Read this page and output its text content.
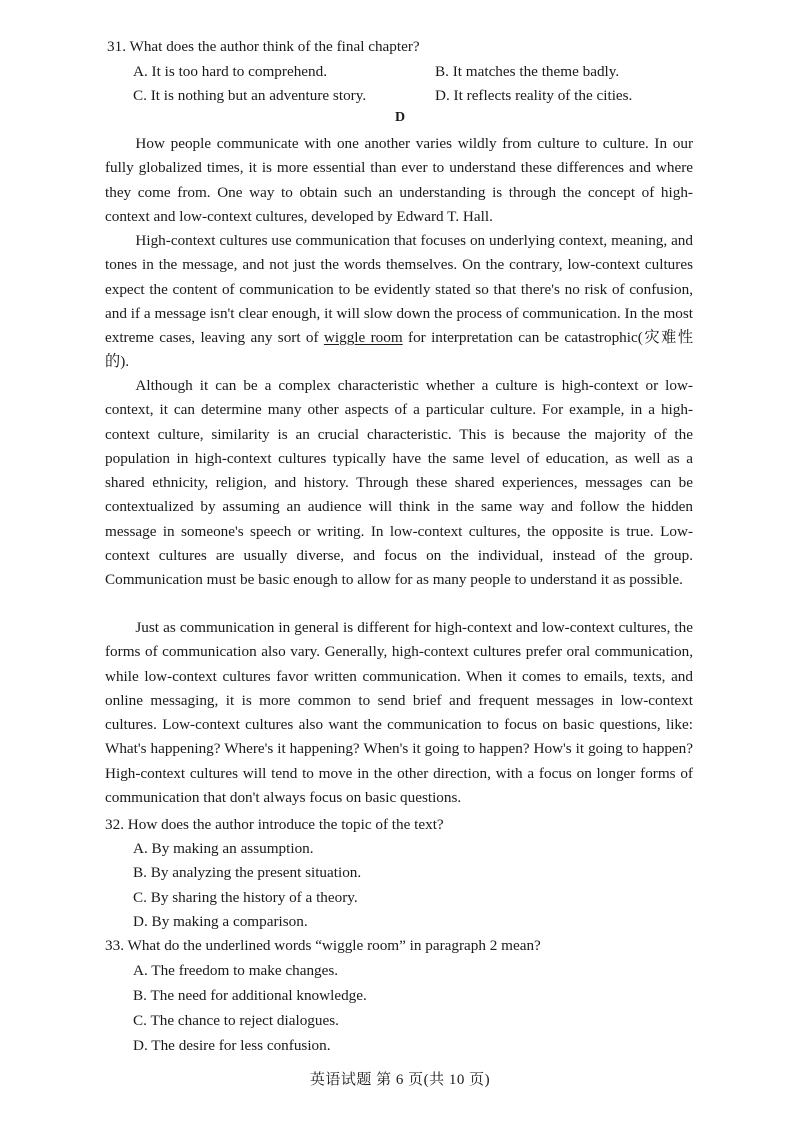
31. What does the author think of the final chapter?
A. It is too hard to comprehend.	B. It matches the theme badly.
C. It is nothing but an adventure story.	D. It reflects reality of the cities.
D

How people communicate with one another varies wildly from culture to culture. In our fully globalized times, it is more essential than ever to understand these differences and where they come from. One way to obtain such an understanding is through the concept of high-context and low-context cultures, developed by Edward T. Hall.

High-context cultures use communication that focuses on underlying context, meaning, and tones in the message, and not just the words themselves. On the contrary, low-context cultures expect the content of communication to be evidently stated so that there's no risk of confusion, and if a message isn't clear enough, it will slow down the process of communication. In the most extreme cases, leaving any sort of wiggle room for interpretation can be catastrophic(灾难性的).

Although it can be a complex characteristic whether a culture is high-context or low-context, it can determine many other aspects of a particular culture. For example, in a high-context culture, similarity is an crucial characteristic. This is because the majority of the population in high-context cultures typically have the same level of education, as well as a shared ethnicity, religion, and history. Through these shared experiences, messages can be contextualized by assuming an audience will think in the same way and follow the hidden message in someone's speech or writing. In low-context cultures, the opposite is true. Low-context cultures are usually diverse, and focus on the individual, instead of the group. Communication must be basic enough to allow for as many people to understand it as possible.

Just as communication in general is different for high-context and low-context cultures, the forms of communication also vary. Generally, high-context cultures prefer oral communication, while low-context cultures favor written communication. When it comes to emails, texts, and online messaging, it is more common to send brief and frequent messages in low-context cultures. Low-context cultures also want the communication to focus on basic questions, like: What's happening? Where's it happening? When's it going to happen? How's it going to happen? High-context cultures will tend to move in the other direction, with a focus on longer forms of communication that don't always focus on basic questions.

32. How does the author introduce the topic of the text?
A. By making an assumption.
B. By analyzing the present situation.
C. By sharing the history of a theory.
D. By making a comparison.
33. What do the underlined words “wiggle room” in paragraph 2 mean?
A. The freedom to make changes.
B. The need for additional knowledge.
C. The chance to reject dialogues.
D. The desire for less confusion.
英语试题 第 6 页(共 10 页)
